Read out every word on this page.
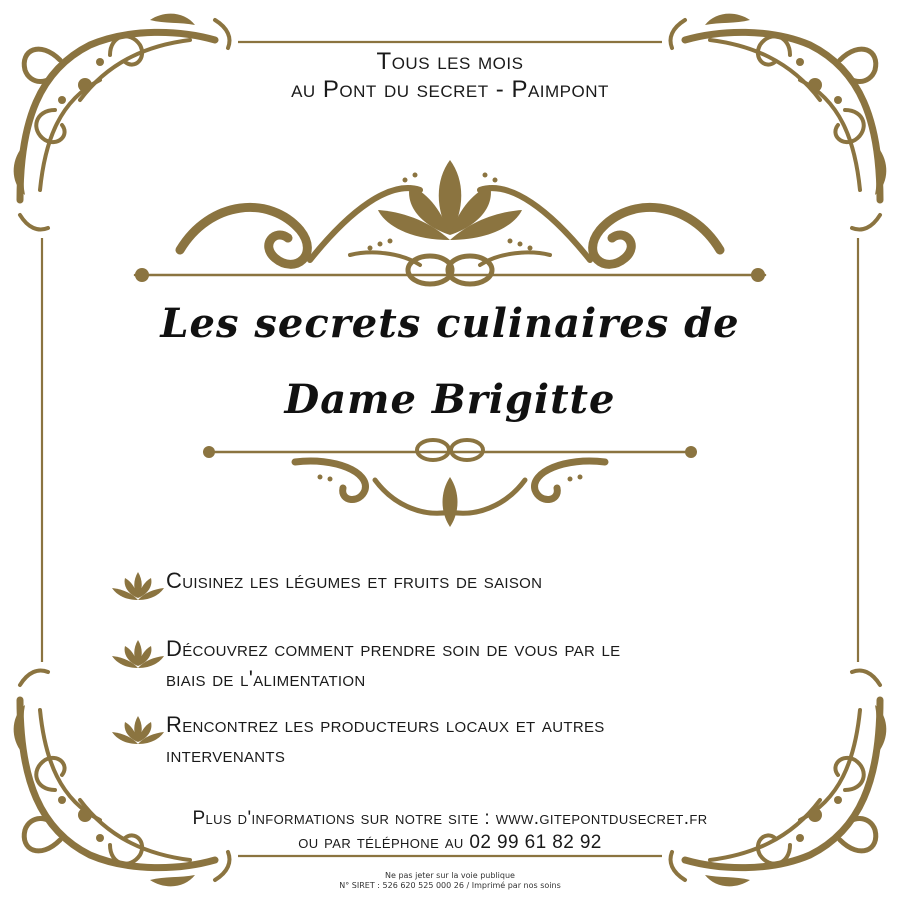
Tous les mois
au Pont du secret - Paimpont
Les secrets culinaires de
Dame Brigitte
Cuisinez les légumes et fruits de saison
Découvrez comment prendre soin de vous par le
biais de l'alimentation
Rencontrez les producteurs locaux et autres
intervenants
Plus d'informations sur notre site : www.gitepontdusecret.fr
ou par téléphone au 02 99 61 82 92
Ne pas jeter sur la voie publique
N° SIRET : 526 620 525 000 26 / Imprimé par nos soins
